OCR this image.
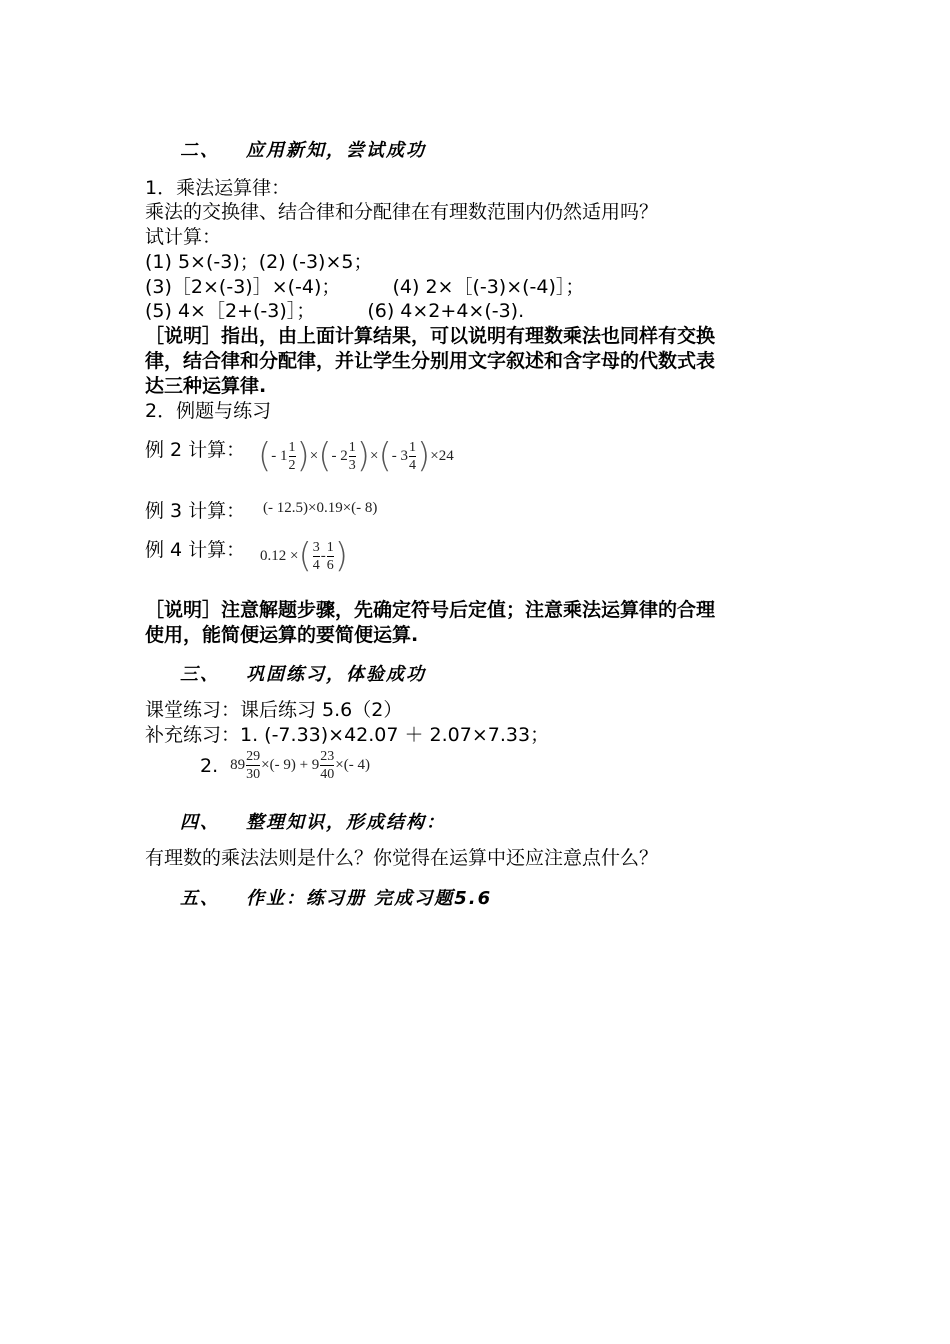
二、 应用新知，尝试成功
1．乘法运算律：
乘法的交换律、结合律和分配律在有理数范围内仍然适用吗？
试计算：
(1) 5×(-3)；(2) (-3)×5；
(3)［2×(-3)］×(-4)；	(4) 2×［(-3)×(-4)］；
(5) 4×［2+(-3)］；	(6) 4×2+4×(-3).
［说明］指出，由上面计算结果，可以说明有理数乘法也同样有交换
律，结合律和分配律，并让学生分别用文字叙述和含字母的代数式表
达三种运算律.
2．例题与练习
例 2 计算： (- $1 \frac{1}{2}$ )×(- $2 \frac{1}{3}$ )×(- $3 \frac{1}{4} )\times 24$
例 3 计算： (- 12.5)×0.19×(- 8)
例 4 计算： 0.12 ×( $\frac{3}{4} - \frac{1}{6}$ )
［说明］注意解题步骤，先确定符号后定值；注意乘法运算律的合理
使用，能简便运算的要简便运算.
三、 巩固练习，体验成功
课堂练习：课后练习 5.6（2）
补充练习：1. (-7.33)×42.07 ＋ 2.07×7.33；
2. $89 \frac{29}{30}$ ×(- $9) + 9 \frac{23}{40}$ ×(- 4)
四、 整理知识，形成结构：
有理数的乘法法则是什么？你觉得在运算中还应注意点什么？
五、 作业：练习册 完成习题5.6
